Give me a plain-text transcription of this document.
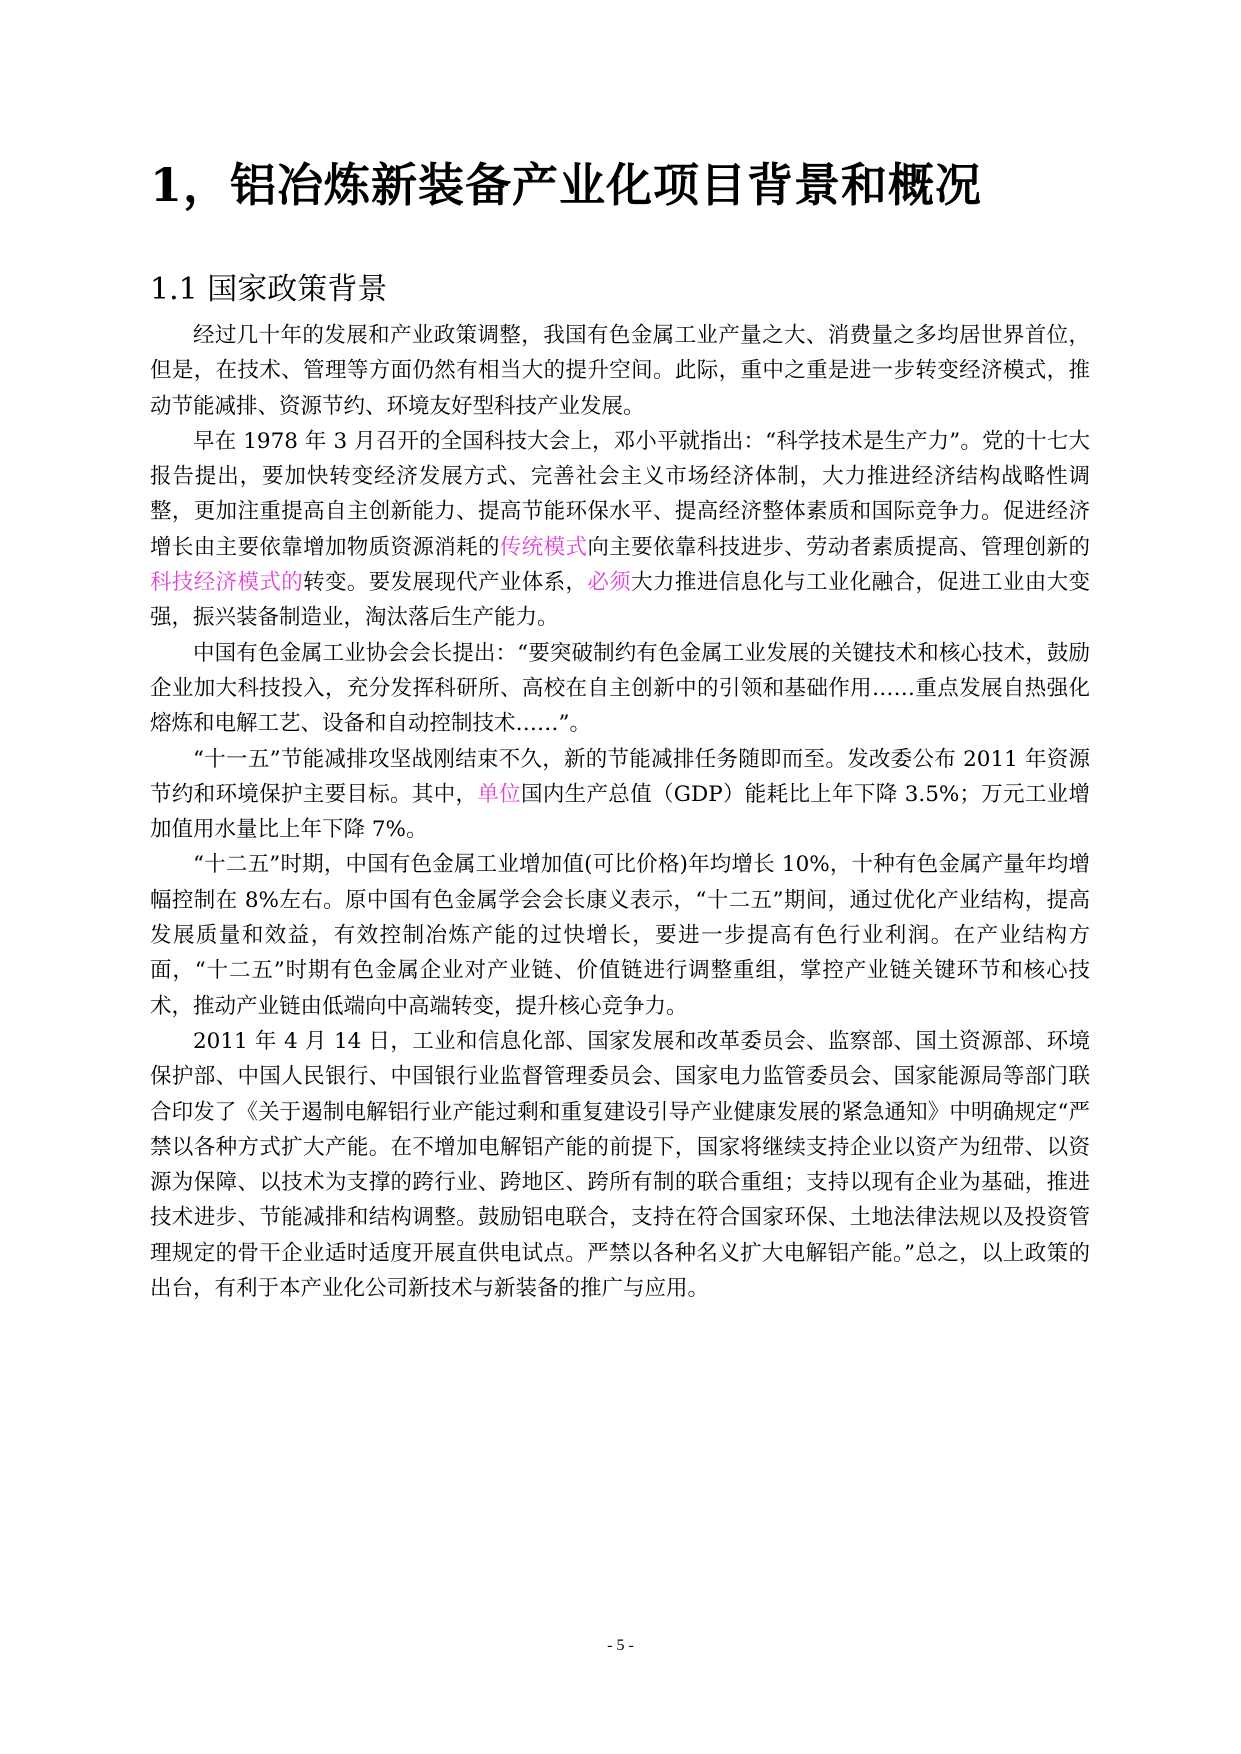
1，铝冶炼新装备产业化项目背景和概况
1.1 国家政策背景

经过几十年的发展和产业政策调整，我国有色金属工业产量之大、消费量之多均居世界首位，但是，在技术、管理等方面仍然有相当大的提升空间。此际，重中之重是进一步转变经济模式，推动节能减排、资源节约、环境友好型科技产业发展。

早在 1978 年 3 月召开的全国科技大会上，邓小平就指出：“科学技术是生产力”。党的十七大报告提出，要加快转变经济发展方式、完善社会主义市场经济体制，大力推进经济结构战略性调整，更加注重提高自主创新能力、提高节能环保水平、提高经济整体素质和国际竞争力。促进经济增长由主要依靠增加物质资源消耗的传统模式向主要依靠科技进步、劳动者素质提高、管理创新的科技经济模式的转变。要发展现代产业体系，必须大力推进信息化与工业化融合，促进工业由大变强，振兴装备制造业，淘汰落后生产能力。

中国有色金属工业协会会长提出：“要突破制约有色金属工业发展的关键技术和核心技术，鼓励企业加大科技投入，充分发挥科研所、高校在自主创新中的引领和基础作用……重点发展自热强化熔炼和电解工艺、设备和自动控制技术……”。

“十一五”节能减排攻坚战刚结束不久，新的节能减排任务随即而至。发改委公布 2011 年资源节约和环境保护主要目标。其中，单位国内生产总值（GDP）能耗比上年下降 3.5%；万元工业增加值用水量比上年下降 7%。

“十二五”时期，中国有色金属工业增加值(可比价格)年均增长 10%，十种有色金属产量年均增幅控制在 8%左右。原中国有色金属学会会长康义表示，“十二五”期间，通过优化产业结构，提高发展质量和效益，有效控制冶炼产能的过快增长，要进一步提高有色行业利润。在产业结构方面，“十二五”时期有色金属企业对产业链、价值链进行调整重组，掌控产业链关键环节和核心技术，推动产业链由低端向中高端转变，提升核心竞争力。

2011 年 4 月 14 日，工业和信息化部、国家发展和改革委员会、监察部、国土资源部、环境保护部、中国人民银行、中国银行业监督管理委员会、国家电力监管委员会、国家能源局等部门联合印发了《关于遏制电解铝行业产能过剩和重复建设引导产业健康发展的紧急通知》中明确规定“严禁以各种方式扩大产能。在不增加电解铝产能的前提下，国家将继续支持企业以资产为纽带、以资源为保障、以技术为支撑的跨行业、跨地区、跨所有制的联合重组；支持以现有企业为基础，推进技术进步、节能减排和结构调整。鼓励铝电联合，支持在符合国家环保、土地法律法规以及投资管理规定的骨干企业适时适度开展直供电试点。严禁以各种名义扩大电解铝产能。”总之，以上政策的出台，有利于本产业化公司新技术与新装备的推广与应用。

- 5 -
